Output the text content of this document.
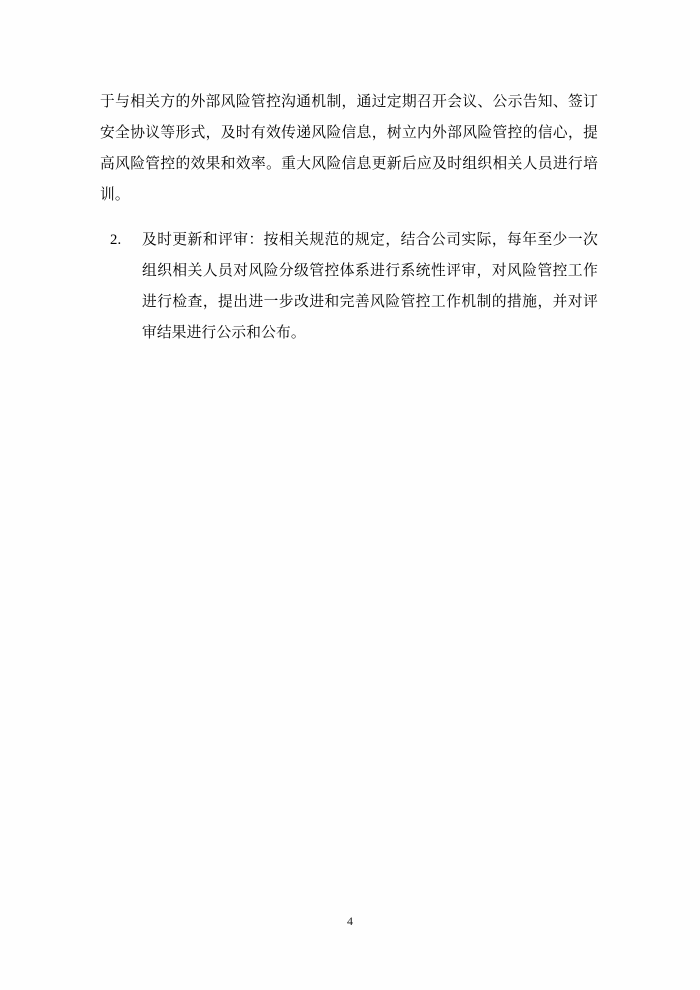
于与相关方的外部风险管控沟通机制，通过定期召开会议、公示告知、签订安全协议等形式，及时有效传递风险信息，树立内外部风险管控的信心，提高风险管控的效果和效率。重大风险信息更新后应及时组织相关人员进行培训。

2.	及时更新和评审：按相关规范的规定，结合公司实际，每年至少一次组织相关人员对风险分级管控体系进行系统性评审，对风险管控工作进行检查，提出进一步改进和完善风险管控工作机制的措施，并对评审结果进行公示和公布。
4
